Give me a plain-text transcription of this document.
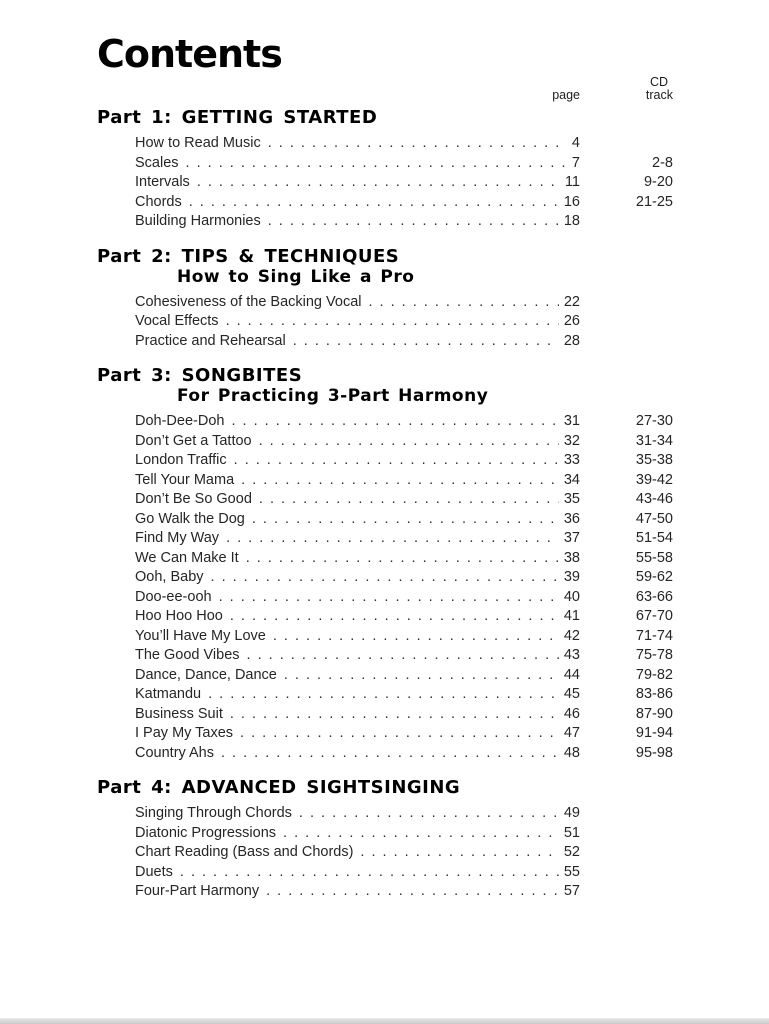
Contents
page
CD
track
Part 1: GETTING STARTED
How to Read Music . . .	4
Scales . . .	7	2-8
Intervals . . .	11	9-20
Chords . . .	16	21-25
Building Harmonies . . .	18
Part 2: TIPS & TECHNIQUES
How to Sing Like a Pro
Cohesiveness of the Backing Vocal . . .	22
Vocal Effects . . .	26
Practice and Rehearsal . . .	28
Part 3: SONGBITES
For Practicing 3-Part Harmony
Doh-Dee-Doh . . .	31	27-30
Don’t Get a Tattoo . . .	32	31-34
London Traffic . . .	33	35-38
Tell Your Mama . . .	34	39-42
Don’t Be So Good . . .	35	43-46
Go Walk the Dog . . .	36	47-50
Find My Way . . .	37	51-54
We Can Make It . . .	38	55-58
Ooh, Baby . . .	39	59-62
Doo-ee-ooh . . .	40	63-66
Hoo Hoo Hoo . . .	41	67-70
You’ll Have My Love . . .	42	71-74
The Good Vibes . . .	43	75-78
Dance, Dance, Dance . . .	44	79-82
Katmandu . . .	45	83-86
Business Suit . . .	46	87-90
I Pay My Taxes . . .	47	91-94
Country Ahs . . .	48	95-98
Part 4: ADVANCED SIGHTSINGING
Singing Through Chords . . .	49
Diatonic Progressions . . .	51
Chart Reading (Bass and Chords) . . .	52
Duets . . .	55
Four-Part Harmony . . .	57
